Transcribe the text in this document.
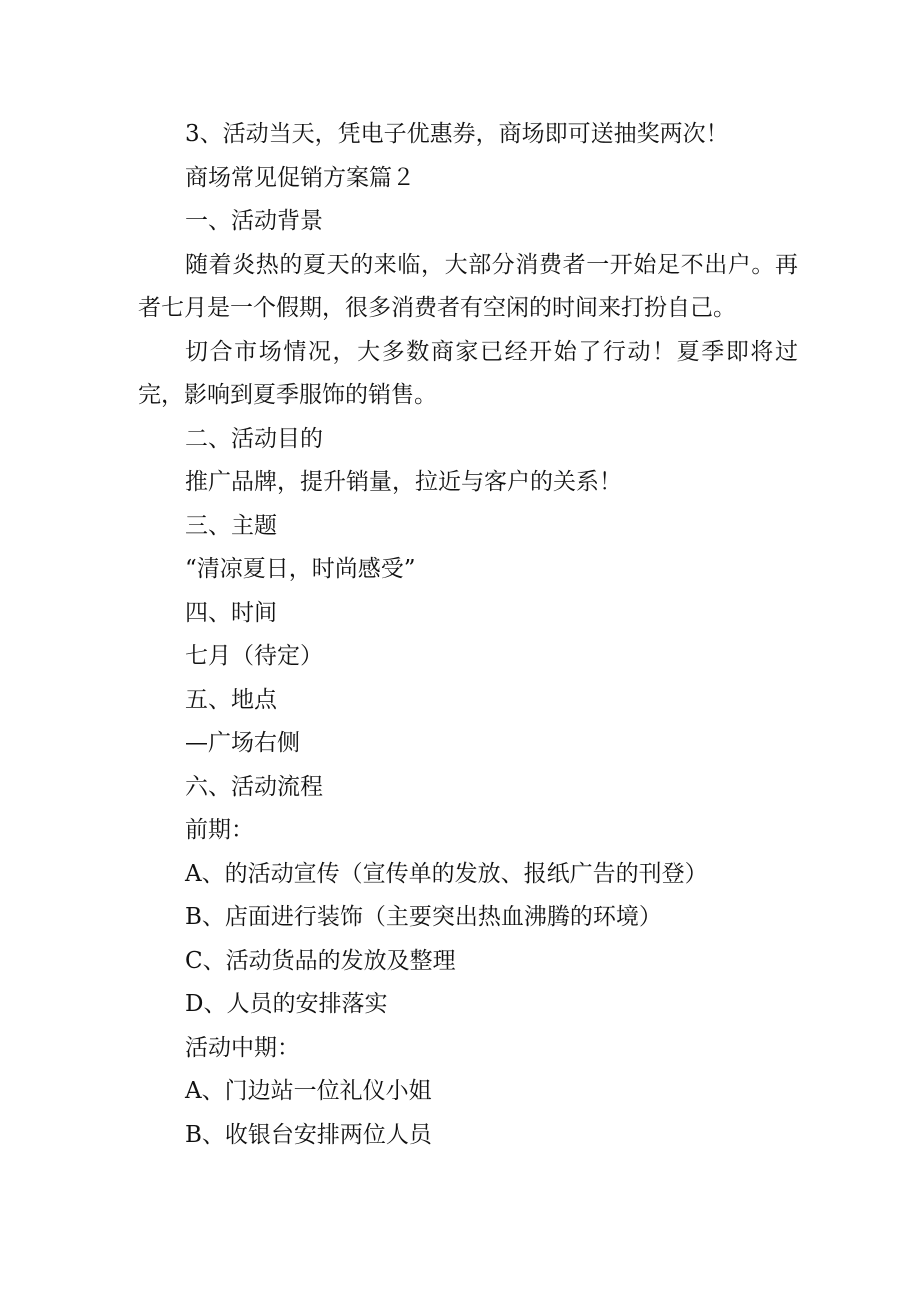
3、活动当天，凭电子优惠券，商场即可送抽奖两次！

商场常见促销方案篇２

一、活动背景

随着炎热的夏天的来临，大部分消费者一开始足不出户。再者七月是一个假期，很多消费者有空闲的时间来打扮自己。

切合市场情况，大多数商家已经开始了行动！夏季即将过完，影响到夏季服饰的销售。

二、活动目的

推广品牌，提升销量，拉近与客户的关系！

三、主题

“清凉夏日，时尚感受”

四、时间

七月（待定）

五、地点

—广场右侧

六、活动流程

前期：

A、的活动宣传（宣传单的发放、报纸广告的刊登）

B、店面进行装饰（主要突出热血沸腾的环境）

C、活动货品的发放及整理

D、人员的安排落实

活动中期：

A、门边站一位礼仪小姐

B、收银台安排两位人员
